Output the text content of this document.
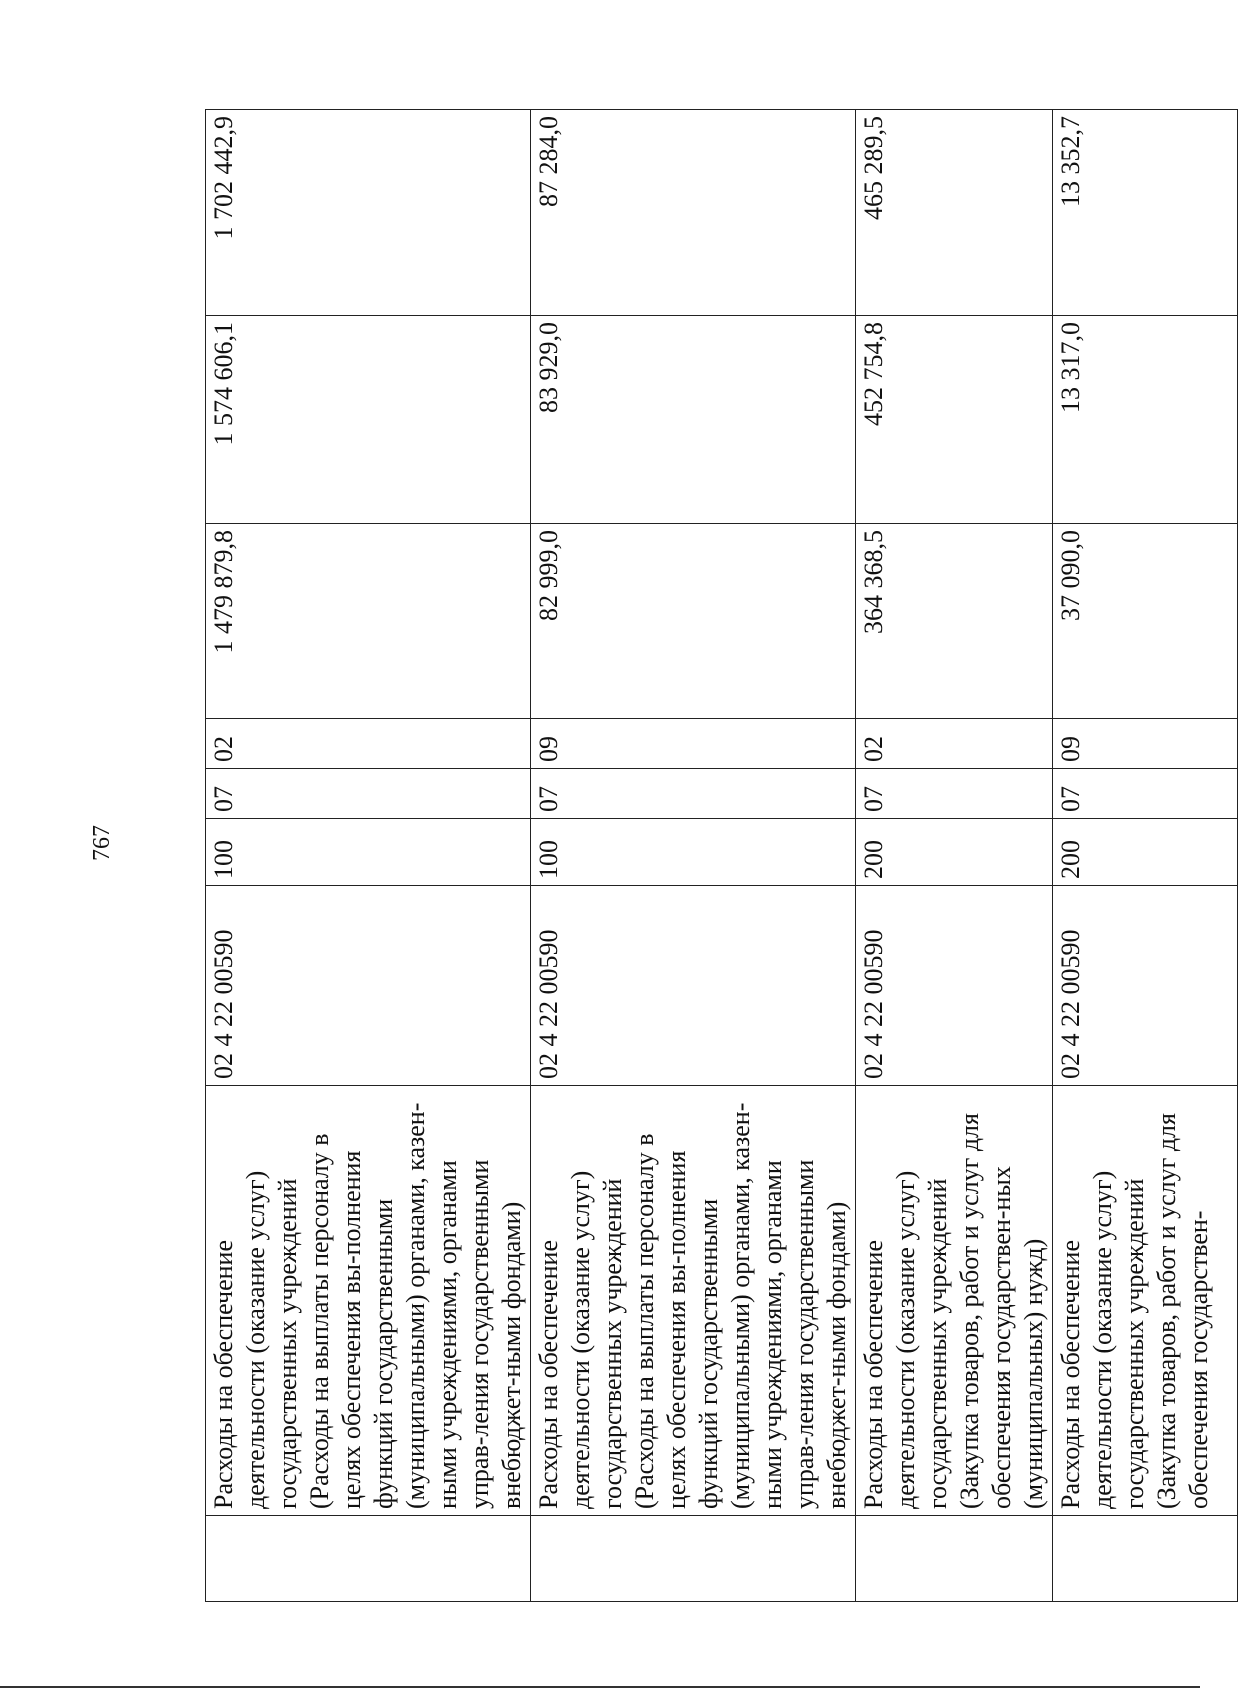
767
	Расходы на обеспечение деятельности (оказание услуг) государственных учреждений (Расходы на выплаты персоналу в целях обеспечения вы-полнения функций государственными (муниципальными) органами, казен-ными учреждениями, органами управ-ления государственными внебюджет-ными фондами)	02 4 22 00590	100	07	02	1 479 879,8	1 574 606,1	1 702 442,9
	Расходы на обеспечение деятельности (оказание услуг) государственных учреждений (Расходы на выплаты персоналу в целях обеспечения вы-полнения функций государственными (муниципальными) органами, казен-ными учреждениями, органами управ-ления государственными внебюджет-ными фондами)	02 4 22 00590	100	07	09	82 999,0	83 929,0	87 284,0
	Расходы на обеспечение деятельности (оказание услуг) государственных учреждений (Закупка товаров, работ и услуг для обеспечения государствен-ных (муниципальных) нужд)	02 4 22 00590	200	07	02	364 368,5	452 754,8	465 289,5
	Расходы на обеспечение деятельности (оказание услуг) государственных учреждений (Закупка товаров, работ и услуг для обеспечения государствен-	02 4 22 00590	200	07	09	37 090,0	13 317,0	13 352,7
